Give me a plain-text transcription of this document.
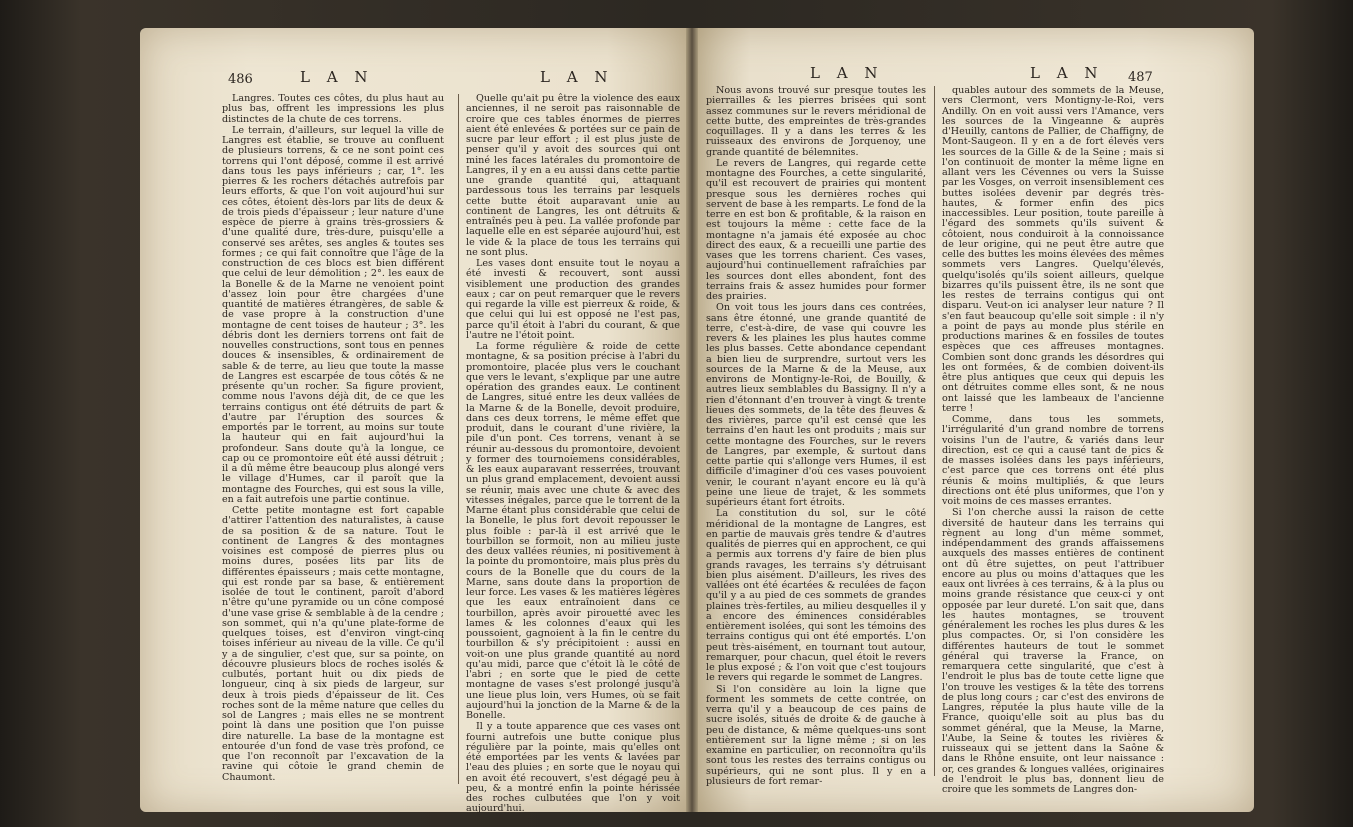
486	L A N	L A N	L A N	L A N 487

Langres. Toutes ces côtes, du plus haut au plus bas, offrent les impressions les plus distinctes de la chute de ces torrens.

Le terrain, d'ailleurs, sur lequel la ville de Langres est établie, se trouve au confluent de plusieurs torrens, & ce ne sont point ces torrens qui l'ont déposé, comme il est arrivé dans tous les pays inférieurs ; car, 1°. les pierres & les rochers détachés autrefois par leurs efforts, & que l'on voit aujourd'hui sur ces côtes, étoient dès-lors par lits de deux & de trois pieds d'épaisseur ; leur nature d'une espèce de pierre à grains très-grossiers & d'une qualité dure, très-dure, puisqu'elle a conservé ses arêtes, ses angles & toutes ses formes ; ce qui fait connoître que l'âge de la construction de ces blocs est bien différent que celui de leur démolition ; 2°. les eaux de la Bonelle & de la Marne ne venoient point d'assez loin pour être chargées d'une quantité de matières étrangères, de sable & de vase propre à la construction d'une montagne de cent toises de hauteur ; 3°. les débris dont les derniers torrens ont fait de nouvelles constructions, sont tous en pennes douces & insensibles, & ordinairement de sable & de terre, au lieu que toute la masse de Langres est escarpée de tous côtés & ne présente qu'un rocher. Sa figure provient, comme nous l'avons déjà dit, de ce que les terrains contigus ont été détruits de part & d'autre par l'éruption des sources & emportés par le torrent, au moins sur toute la hauteur qui en fait aujourd'hui la profondeur. Sans doute qu'à la longue, ce cap ou ce promontoire eût été aussi détruit ; il a dû même être beaucoup plus alongé vers le village d'Humes, car il paroît que la montagne des Fourches, qui est sous la ville, en a fait autrefois une partie continue.

Cette petite montagne est fort capable d'attirer l'attention des naturalistes, à cause de sa position & de sa nature. Tout le continent de Langres & des montagnes voisines est composé de pierres plus ou moins dures, posées lits par lits de différentes épaisseurs ; mais cette montagne, qui est ronde par sa base, & entièrement isolée de tout le continent, paroît d'abord n'être qu'une pyramide ou un cône composé d'une vase grise & semblable à de la cendre ; son sommet, qui n'a qu'une plate-forme de quelques toises, est d'environ vingt-cinq toises inférieur au niveau de la ville. Ce qu'il y a de singulier, c'est que, sur sa pointe, on découvre plusieurs blocs de roches isolés & culbutés, portant huit ou dix pieds de longueur, cinq à six pieds de largeur, sur deux à trois pieds d'épaisseur de lit. Ces roches sont de la même nature que celles du sol de Langres ; mais elles ne se montrent point là dans une position que l'on puisse dire naturelle. La base de la montagne est entourée d'un fond de vase très profond, ce que l'on reconnoît par l'excavation de la ravine qui côtoie le grand chemin de Chaumont.

Quelle qu'ait pu être la violence des eaux anciennes, il ne seroit pas raisonnable de croire que ces tables énormes de pierres aient été enlevées & portées sur ce pain de sucre par leur effort ; il est plus juste de penser qu'il y avoit des sources qui ont miné les faces latérales du promontoire de Langres, il y en a eu aussi dans cette partie une grande quantité qui, attaquant pardessous tous les terrains par lesquels cette butte étoit auparavant unie au continent de Langres, les ont détruits & entraînés peu à peu. La vallée profonde par laquelle elle en est séparée aujourd'hui, est le vide & la place de tous les terrains qui ne sont plus.

Les vases dont ensuite tout le noyau a été investi & recouvert, sont aussi visiblement une production des grandes eaux ; car on peut remarquer que le revers qui regarde la ville est pierreux & roide, & que celui qui lui est opposé ne l'est pas, parce qu'il étoit à l'abri du courant, & que l'autre ne l'étoit point.

La forme régulière & roide de cette montagne, & sa position précise à l'abri du promontoire, placée plus vers le couchant que vers le levant, s'explique par une autre opération des grandes eaux. Le continent de Langres, situé entre les deux vallées de la Marne & de la Bonelle, devoit produire, dans ces deux torrens, le même effet que produit, dans le courant d'une rivière, la pile d'un pont. Ces torrens, venant à se réunir au-dessous du promontoire, devoient y former des tournoiemens considérables, & les eaux auparavant resserrées, trouvant un plus grand emplacement, devoient aussi se réunir, mais avec une chute & avec des vitesses inégales, parce que le torrent de la Marne étant plus considérable que celui de la Bonelle, le plus fort devoit repousser le plus foible : par-là il est arrivé que le tourbillon se formoit, non au milieu juste des deux vallées réunies, ni positivement à la pointe du promontoire, mais plus près du cours de la Bonelle que du cours de la Marne, sans doute dans la proportion de leur force. Les vases & les matières légères que les eaux entraînoient dans ce tourbillon, après avoir pirouetté avec les lames & les colonnes d'eaux qui les poussoient, gagnoient à la fin le centre du tourbillon & s'y précipitoient : aussi en voit-on une plus grande quantité au nord qu'au midi, parce que c'étoit là le côté de l'abri ; en sorte que le pied de cette montagne de vases s'est prolongé jusqu'à une lieue plus loin, vers Humes, où se fait aujourd'hui la jonction de la Marne & de la Bonelle.

Il y a toute apparence que ces vases ont fourni autrefois une butte conique plus régulière par la pointe, mais qu'elles ont été emportées par les vents & lavées par l'eau des pluies ; en sorte que le noyau qui en avoit été recouvert, s'est dégagé peu à peu, & a montré enfin la pointe hérissée des roches culbutées que l'on y voit aujourd'hui.

Nous avons trouvé sur presque toutes les pierrailles & les pierres brisées qui sont assez communes sur le revers méridional de cette butte, des empreintes de très-grandes coquillages. Il y a dans les terres & les ruisseaux des environs de Jorquenoy, une grande quantité de bélemnites.

Le revers de Langres, qui regarde cette montagne des Fourches, a cette singularité, qu'il est recouvert de prairies qui montent presque sous les dernières roches qui servent de base à les remparts. Le fond de la terre en est bon & profitable, & la raison en est toujours la même : cette face de la montagne n'a jamais été exposée au choc direct des eaux, & a recueilli une partie des vases que les torrens charient. Ces vases, aujourd'hui continuellement rafraîchies par les sources dont elles abondent, font des terrains frais & assez humides pour former des prairies.

On voit tous les jours dans ces contrées, sans être étonné, une grande quantité de terre, c'est-à-dire, de vase qui couvre les revers & les plaines les plus hautes comme les plus basses. Cette abondance cependant a bien lieu de surprendre, surtout vers les sources de la Marne & de la Meuse, aux environs de Montigny-le-Roi, de Bouilly, & autres lieux semblables du Bassigny. Il n'y a rien d'étonnant d'en trouver à vingt & trente lieues des sommets, de la tête des fleuves & des rivières, parce qu'il est censé que les terrains d'en haut les ont produits ; mais sur cette montagne des Fourches, sur le revers de Langres, par exemple, & surtout dans cette partie qui s'allonge vers Humes, il est difficile d'imaginer d'où ces vases pouvoient venir, le courant n'ayant encore eu là qu'à peine une lieue de trajet, & les sommets supérieurs étant fort étroits.

La constitution du sol, sur le côté méridional de la montagne de Langres, est en partie de mauvais grès tendre & d'autres qualités de pierres qui en approchent, ce qui a permis aux torrens d'y faire de bien plus grands ravages, les terrains s'y détruisant bien plus aisément. D'ailleurs, les rives des vallées ont été écartées & reculées de façon qu'il y a au pied de ces sommets de grandes plaines très-fertiles, au milieu desquelles il y a encore des éminences considérables entièrement isolées, qui sont les témoins des terrains contigus qui ont été emportés. L'on peut très-aisément, en tournant tout autour, remarquer, pour chacun, quel étoit le revers le plus exposé ; & l'on voit que c'est toujours le revers qui regarde le sommet de Langres.

Si l'on considère au loin la ligne que forment les sommets de cette contrée, on verra qu'il y a beaucoup de ces pains de sucre isolés, situés de droite & de gauche à peu de distance, & même quelques-uns sont entièrement sur la ligne même ; si on les examine en particulier, on reconnoîtra qu'ils sont tous les restes des terrains contigus ou supérieurs, qui ne sont plus. Il y en a plusieurs de fort remar-

quables autour des sommets de la Meuse, vers Clermont, vers Montigny-le-Roi, vers Andilly. On en voit aussi vers l'Amance, vers les sources de la Vingeanne & auprès d'Heuilly, cantons de Pallier, de Chaffigny, de Mont-Saugeon. Il y en a de fort élevés vers les sources de la Gille & de la Seine ; mais si l'on continuoit de monter la même ligne en allant vers les Cévennes ou vers la Suisse par les Vosges, on verroit insensiblement ces buttes isolées devenir par degrés très-hautes, & former enfin des pics inaccessibles. Leur position, toute pareille à l'égard des sommets qu'ils suivent & côtoient, nous conduiroit à la connoissance de leur origine, qui ne peut être autre que celle des buttes les moins élevées des mêmes sommets vers Langres. Quelqu'élevés, quelqu'isolés qu'ils soient ailleurs, quelque bizarres qu'ils puissent être, ils ne sont que les restes de terrains contigus qui ont disparu. Veut-on ici analyser leur nature ? Il s'en faut beaucoup qu'elle soit simple : il n'y a point de pays au monde plus stérile en productions marines & en fossiles de toutes espèces que ces affreuses montagnes. Combien sont donc grands les désordres qui les ont formées, & de combien doivent-ils être plus antiques que ceux qui depuis les ont détruites comme elles sont, & ne nous ont laissé que les lambeaux de l'ancienne terre !

Comme, dans tous les sommets, l'irrégularité d'un grand nombre de torrens voisins l'un de l'autre, & variés dans leur direction, est ce qui a causé tant de pics & de masses isolées dans les pays inférieurs, c'est parce que ces torrens ont été plus réunis & moins multipliés, & que leurs directions ont été plus uniformes, que l'on y voit moins de ces masses errantes.

Si l'on cherche aussi la raison de cette diversité de hauteur dans les terrains qui règnent au long d'un même sommet, indépendamment des grands affaissemens auxquels des masses entières de continent ont dû être sujettes, on peut l'attribuer encore au plus ou moins d'attaques que les eaux ont livrées à ces terrains, & à la plus ou moins grande résistance que ceux-ci y ont opposée par leur dureté. L'on sait que, dans les hautes montagnes, se trouvent généralement les roches les plus dures & les plus compactes. Or, si l'on considère les différentes hauteurs de tout le sommet général qui traverse la France, on remarquera cette singularité, que c'est à l'endroit le plus bas de toute cette ligne que l'on trouve les vestiges & la tête des torrens de plus long cours ; car c'est des environs de Langres, réputée la plus haute ville de la France, quoiqu'elle soit au plus bas du sommet général, que la Meuse, la Marne, l'Aube, la Seine & toutes les rivières & ruisseaux qui se jettent dans la Saône & dans le Rhône ensuite, ont leur naissance : or, ces grandes & longues vallées, originaires de l'endroit le plus bas, donnent lieu de croire que les sommets de Langres don-
